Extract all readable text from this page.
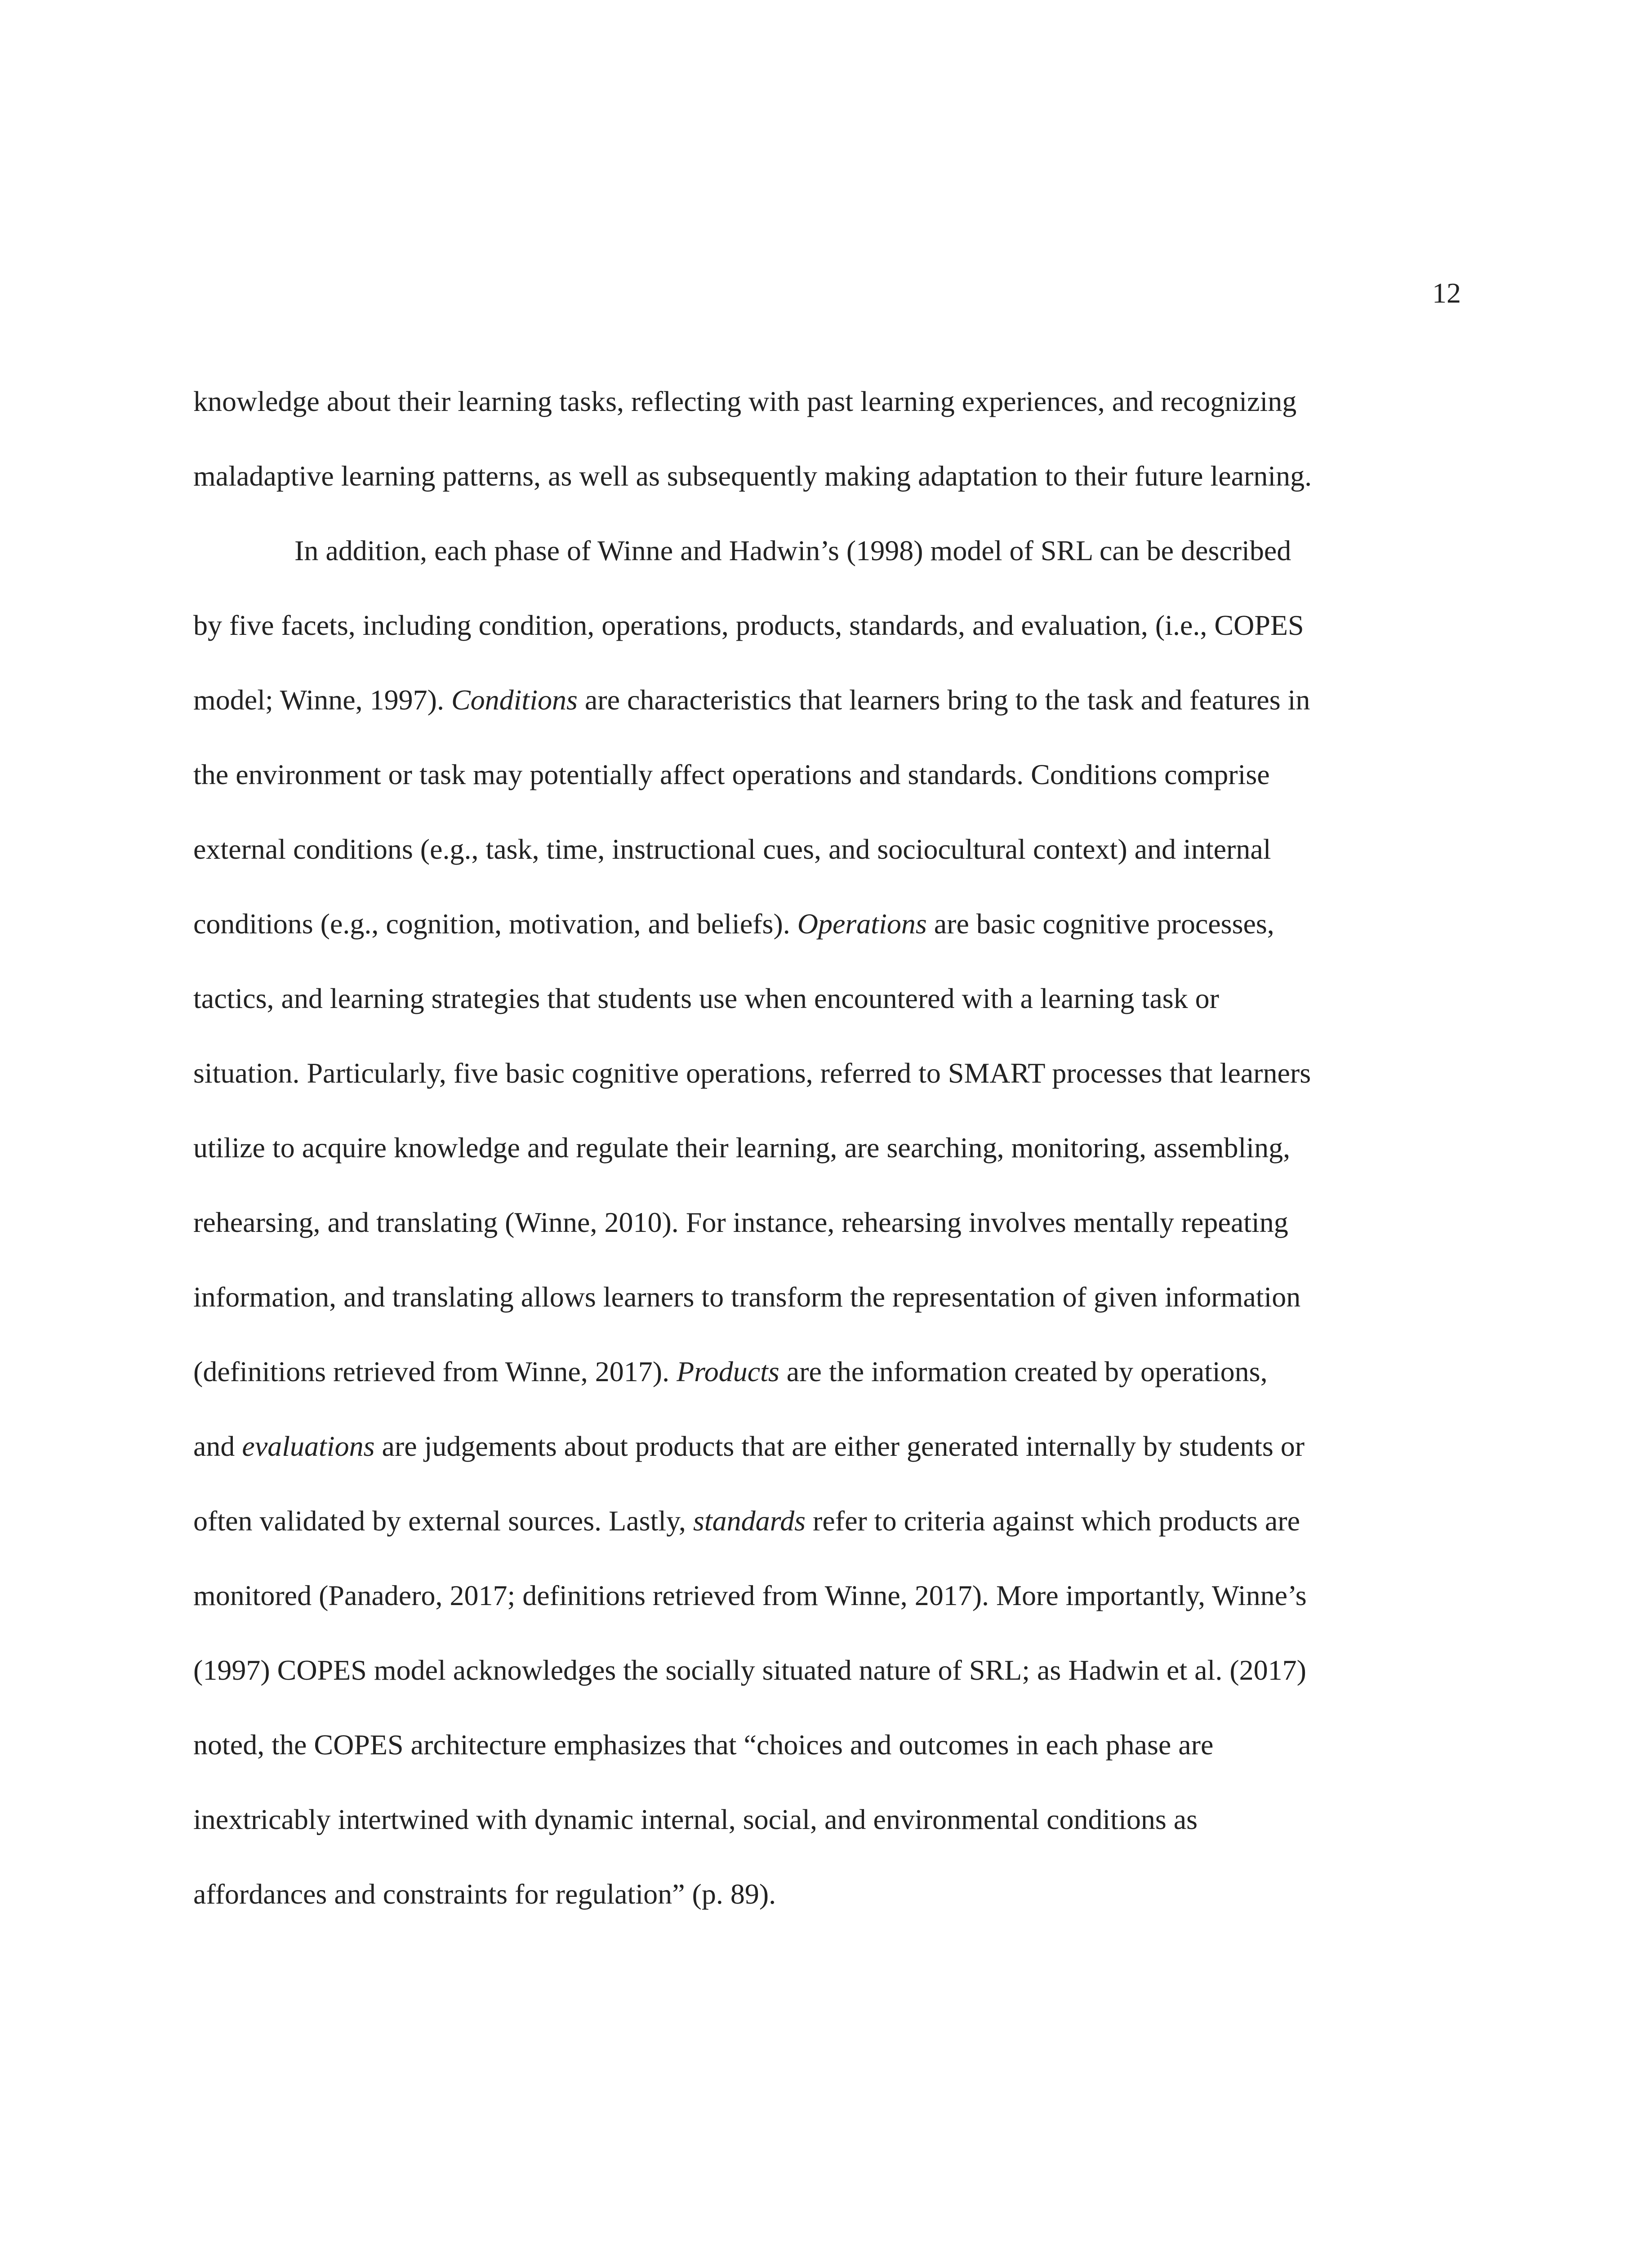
12
knowledge about their learning tasks, reflecting with past learning experiences, and recognizing
maladaptive learning patterns, as well as subsequently making adaptation to their future learning.
In addition, each phase of Winne and Hadwin’s (1998) model of SRL can be described
by five facets, including condition, operations, products, standards, and evaluation, (i.e., COPES
model; Winne, 1997). Conditions are characteristics that learners bring to the task and features in
the environment or task may potentially affect operations and standards. Conditions comprise
external conditions (e.g., task, time, instructional cues, and sociocultural context) and internal
conditions (e.g., cognition, motivation, and beliefs). Operations are basic cognitive processes,
tactics, and learning strategies that students use when encountered with a learning task or
situation. Particularly, five basic cognitive operations, referred to SMART processes that learners
utilize to acquire knowledge and regulate their learning, are searching, monitoring, assembling,
rehearsing, and translating (Winne, 2010). For instance, rehearsing involves mentally repeating
information, and translating allows learners to transform the representation of given information
(definitions retrieved from Winne, 2017). Products are the information created by operations,
and evaluations are judgements about products that are either generated internally by students or
often validated by external sources. Lastly, standards refer to criteria against which products are
monitored (Panadero, 2017; definitions retrieved from Winne, 2017). More importantly, Winne’s
(1997) COPES model acknowledges the socially situated nature of SRL; as Hadwin et al. (2017)
noted, the COPES architecture emphasizes that “choices and outcomes in each phase are
inextricably intertwined with dynamic internal, social, and environmental conditions as
affordances and constraints for regulation” (p. 89).
